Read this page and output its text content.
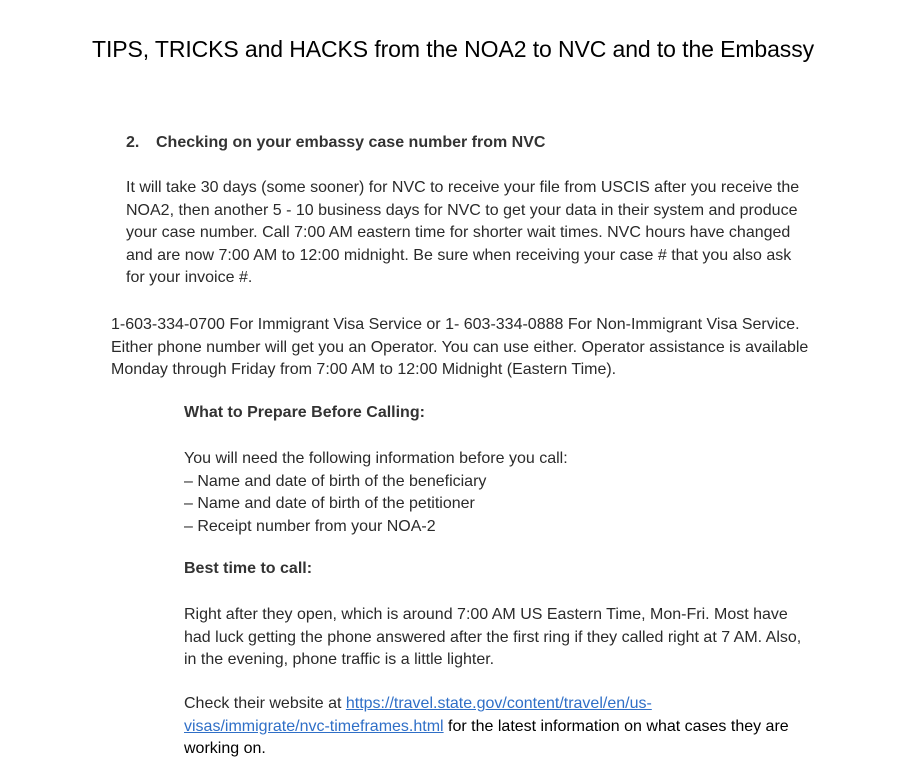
TIPS, TRICKS and HACKS from the NOA2 to NVC and to the Embassy
2. Checking on your embassy case number from NVC
It will take 30 days (some sooner) for NVC to receive your file from USCIS after you receive the
NOA2, then another 5 - 10 business days for NVC to get your data in their system and produce
your case number. Call 7:00 AM eastern time for shorter wait times. NVC hours have changed
and are now 7:00 AM to 12:00 midnight. Be sure when receiving your case # that you also ask
for your invoice #.
1-603-334-0700 For Immigrant Visa Service or 1- 603-334-0888 For Non-Immigrant Visa Service.
Either phone number will get you an Operator. You can use either. Operator assistance is available
Monday through Friday from 7:00 AM to 12:00 Midnight (Eastern Time).
What to Prepare Before Calling:
You will need the following information before you call:
– Name and date of birth of the beneficiary
– Name and date of birth of the petitioner
– Receipt number from your NOA-2
Best time to call:
Right after they open, which is around 7:00 AM US Eastern Time, Mon-Fri. Most have
had luck getting the phone answered after the first ring if they called right at 7 AM. Also,
in the evening, phone traffic is a little lighter.
Check their website at https://travel.state.gov/content/travel/en/us-
visas/immigrate/nvc-timeframes.html for the latest information on what cases they are
working on.
